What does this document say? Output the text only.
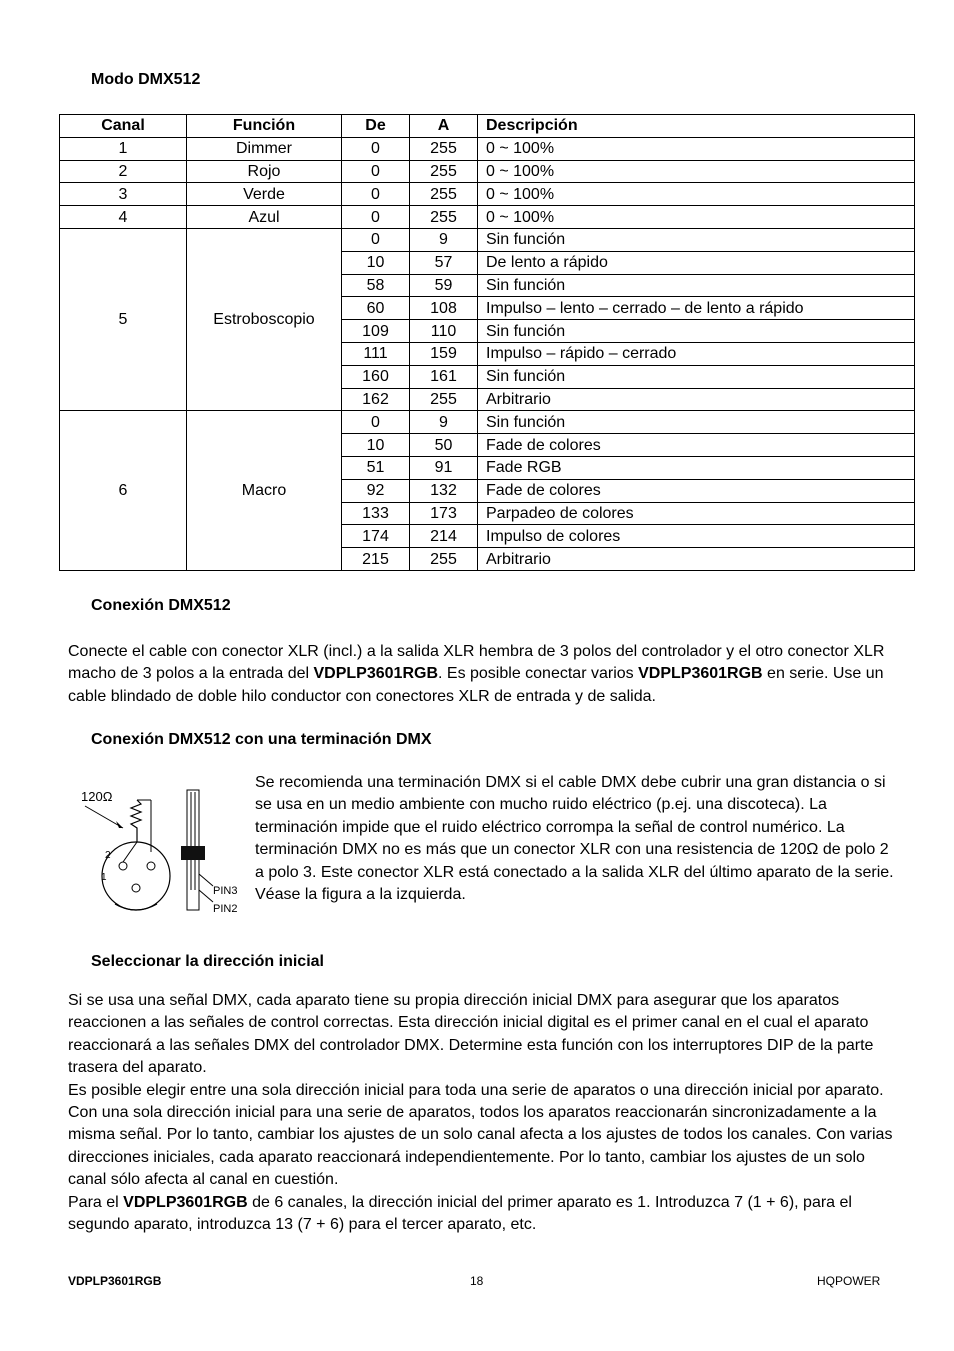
Modo DMX512
Canal	Función	De	A	Descripción
1	Dimmer	0	255	0 ~ 100%
2	Rojo	0	255	0 ~ 100%
3	Verde	0	255	0 ~ 100%
4	Azul	0	255	0 ~ 100%
5	Estroboscopio	0	9	Sin función
		10	57	De lento a rápido
		58	59	Sin función
		60	108	Impulso – lento – cerrado – de lento a rápido
		109	110	Sin función
		111	159	Impulso – rápido – cerrado
		160	161	Sin función
		162	255	Arbitrario
6	Macro	0	9	Sin función
		10	50	Fade de colores
		51	91	Fade RGB
		92	132	Fade de colores
		133	173	Parpadeo de colores
		174	214	Impulso de colores
		215	255	Arbitrario
Conexión DMX512
Conecte el cable con conector XLR (incl.) a la salida XLR hembra de 3 polos del controlador y el otro conector XLR macho de 3 polos a la entrada del VDPLP3601RGB. Es posible conectar varios VDPLP3601RGB en serie. Use un cable blindado de doble hilo conductor con conectores XLR de entrada y de salida.
Conexión DMX512 con una terminación DMX
120Ω
2
1
PIN3
PIN2
Se recomienda una terminación DMX si el cable DMX debe cubrir una gran distancia o si se usa en un medio ambiente con mucho ruido eléctrico (p.ej. una discoteca). La terminación impide que el ruido eléctrico corrompa la señal de control numérico. La terminación DMX no es más que un conector XLR con una resistencia de 120Ω de polo 2 a polo 3. Este conector XLR está conectado a la salida XLR del último aparato de la serie. Véase la figura a la izquierda.
Seleccionar la dirección inicial
Si se usa una señal DMX, cada aparato tiene su propia dirección inicial DMX para asegurar que los aparatos reaccionen a las señales de control correctas. Esta dirección inicial digital es el primer canal en el cual el aparato reaccionará a las señales DMX del controlador DMX. Determine esta función con los interruptores DIP de la parte trasera del aparato.
Es posible elegir entre una sola dirección inicial para toda una serie de aparatos o una dirección inicial por aparato. Con una sola dirección inicial para una serie de aparatos, todos los aparatos reaccionarán sincronizadamente a la misma señal. Por lo tanto, cambiar los ajustes de un solo canal afecta a los ajustes de todos los canales. Con varias direcciones iniciales, cada aparato reaccionará independientemente. Por lo tanto, cambiar los ajustes de un solo canal sólo afecta al canal en cuestión.
Para el VDPLP3601RGB de 6 canales, la dirección inicial del primer aparato es 1. Introduzca 7 (1 + 6), para el segundo aparato, introduzca 13 (7 + 6) para el tercer aparato, etc.
VDPLP3601RGB	18	HQPOWER
